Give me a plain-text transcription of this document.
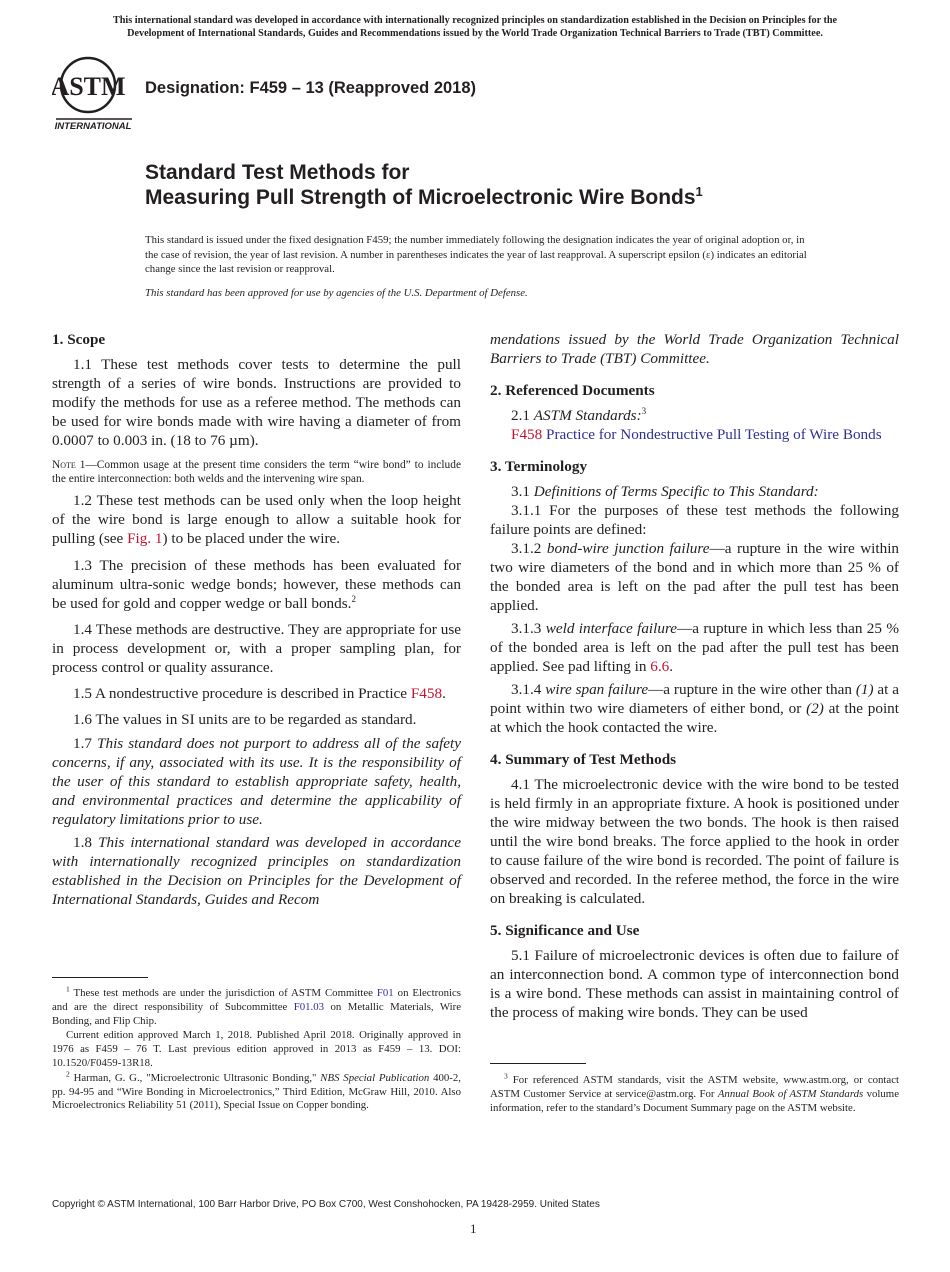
This international standard was developed in accordance with internationally recognized principles on standardization established in the Decision on Principles for the
Development of International Standards, Guides and Recommendations issued by the World Trade Organization Technical Barriers to Trade (TBT) Committee.
ASTM
INTERNATIONAL
Designation: F459 – 13 (Reapproved 2018)
Standard Test Methods for
Measuring Pull Strength of Microelectronic Wire Bonds$^1$
This standard is issued under the fixed designation F459; the number immediately following the designation indicates the year of original adoption or, in the case of revision, the year of last revision. A number in parentheses indicates the year of last reapproval. A superscript epsilon (ε) indicates an editorial change since the last revision or reapproval.
This standard has been approved for use by agencies of the U.S. Department of Defense.
1. Scope

1.1 These test methods cover tests to determine the pull strength of a series of wire bonds. Instructions are provided to modify the methods for use as a referee method. The methods can be used for wire bonds made with wire having a diameter of from 0.0007 to 0.003 in. (18 to 76 µm).

Note 1—Common usage at the present time considers the term “wire bond” to include the entire interconnection: both welds and the intervening wire span.

1.2 These test methods can be used only when the loop height of the wire bond is large enough to allow a suitable hook for pulling (see Fig. 1) to be placed under the wire.

1.3 The precision of these methods has been evaluated for aluminum ultra-sonic wedge bonds; however, these methods can be used for gold and copper wedge or ball bonds.$^2$

1.4 These methods are destructive. They are appropriate for use in process development or, with a proper sampling plan, for process control or quality assurance.

1.5 A nondestructive procedure is described in Practice F458.

1.6 The values in SI units are to be regarded as standard.

1.7 This standard does not purport to address all of the safety concerns, if any, associated with its use. It is the responsibility of the user of this standard to establish appropriate safety, health, and environmental practices and determine the applicability of regulatory limitations prior to use.

1.8 This international standard was developed in accordance with internationally recognized principles on standardization established in the Decision on Principles for the Development of International Standards, Guides and Recom

mendations issued by the World Trade Organization Technical Barriers to Trade (TBT) Committee.

2. Referenced Documents

2.1 ASTM Standards:$^3$

F458 Practice for Nondestructive Pull Testing of Wire Bonds

3. Terminology

3.1 Definitions of Terms Specific to This Standard:

3.1.1 For the purposes of these test methods the following failure points are defined:

3.1.2 bond-wire junction failure—a rupture in the wire within two wire diameters of the bond and in which more than 25 % of the bonded area is left on the pad after the pull test has been applied.

3.1.3 weld interface failure—a rupture in which less than 25 % of the bonded area is left on the pad after the pull test has been applied. See pad lifting in 6.6.

3.1.4 wire span failure—a rupture in the wire other than (1) at a point within two wire diameters of either bond, or (2) at the point at which the hook contacted the wire.

4. Summary of Test Methods

4.1 The microelectronic device with the wire bond to be tested is held firmly in an appropriate fixture. A hook is positioned under the wire midway between the two bonds. The hook is then raised until the wire bond breaks. The force applied to the hook in order to cause failure of the wire bond is recorded. The point of failure is observed and recorded. In the referee method, the force in the wire on breaking is calculated.

5. Significance and Use

5.1 Failure of microelectronic devices is often due to failure of an interconnection bond. A common type of interconnection bond is a wire bond. These methods can assist in maintaining control of the process of making wire bonds. They can be used

$^1$ These test methods are under the jurisdiction of ASTM Committee F01 on Electronics and are the direct responsibility of Subcommittee F01.03 on Metallic Materials, Wire Bonding, and Flip Chip.

Current edition approved March 1, 2018. Published April 2018. Originally approved in 1976 as F459 – 76 T. Last previous edition approved in 2013 as F459 – 13. DOI: 10.1520/F0459-13R18.

$^2$ Harman, G. G., "Microelectronic Ultrasonic Bonding," NBS Special Publication 400-2, pp. 94-95 and “Wire Bonding in Microelectronics,” Third Edition, McGraw Hill, 2010. Also Microelectronics Reliability 51 (2011), Special Issue on Copper bonding.

$^3$ For referenced ASTM standards, visit the ASTM website, www.astm.org, or contact ASTM Customer Service at service@astm.org. For Annual Book of ASTM Standards volume information, refer to the standard’s Document Summary page on the ASTM website.

Copyright © ASTM International, 100 Barr Harbor Drive, PO Box C700, West Conshohocken, PA 19428-2959. United States
1
